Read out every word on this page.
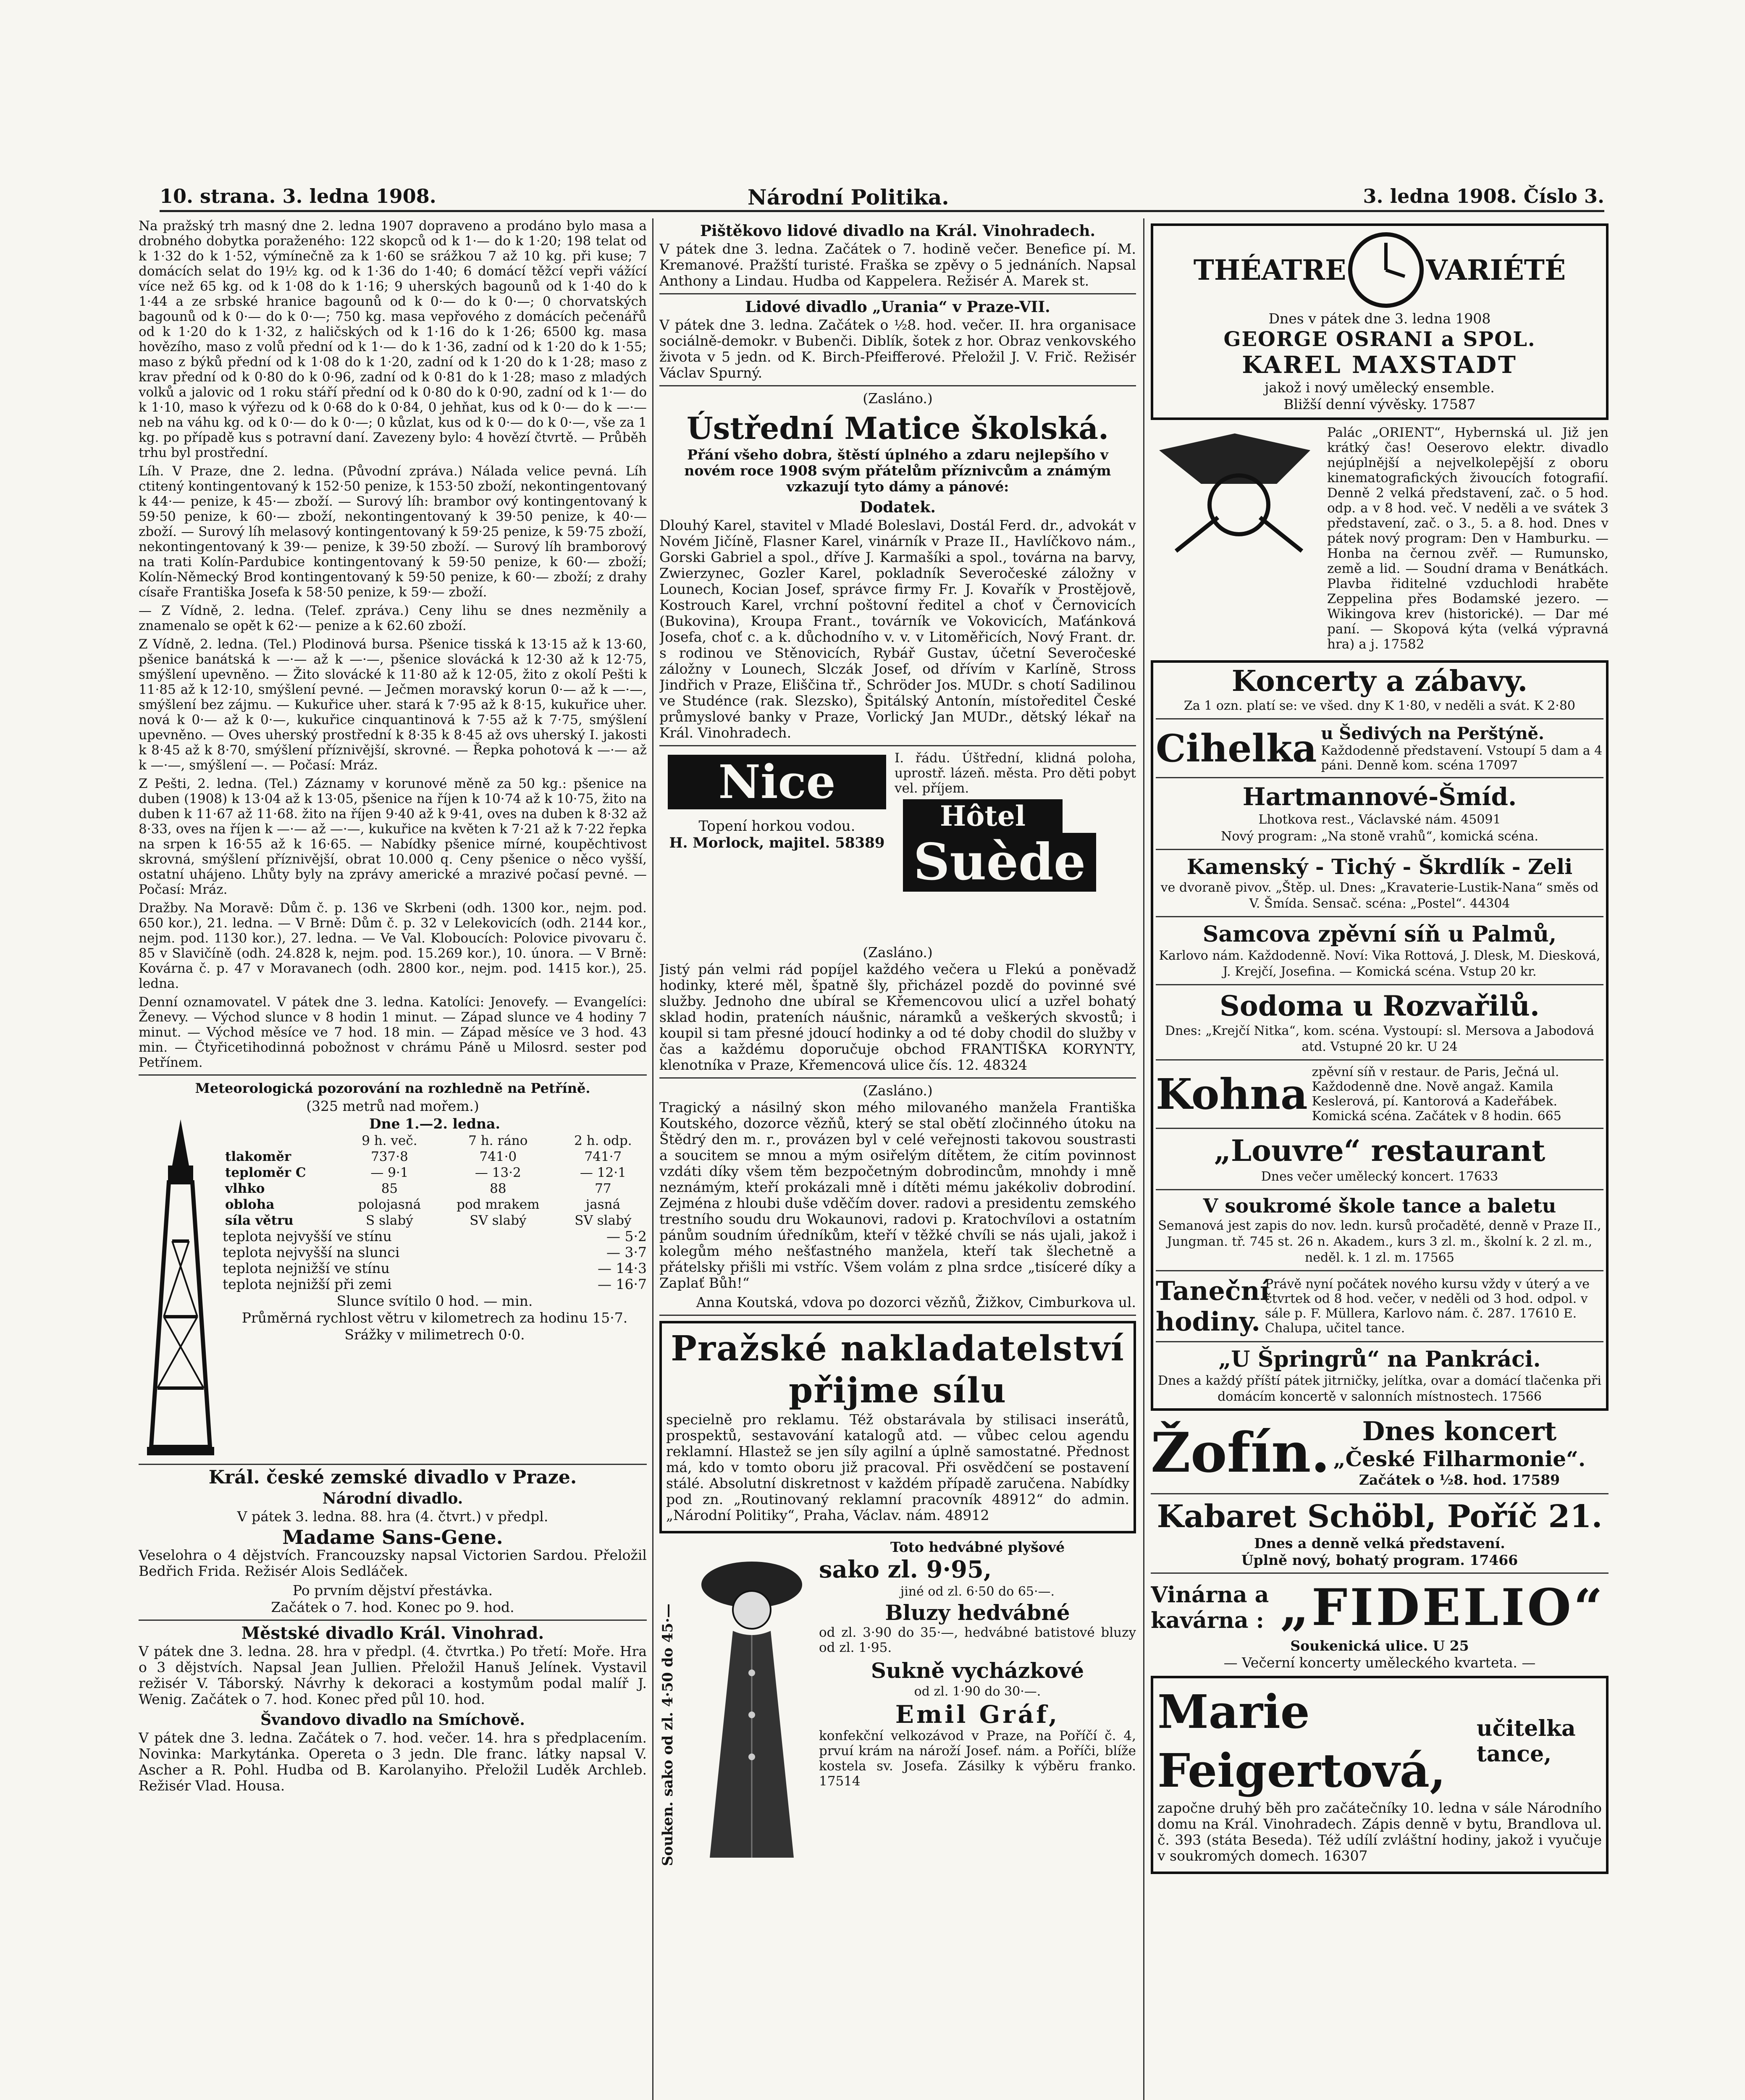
10. strana. 3. ledna 1908.	Národní Politika.	3. ledna 1908. Číslo 3.

Na pražský trh masný dne 2. ledna 1907 dopraveno a prodáno bylo masa a drobného dobytka poraženého: 122 skopců od k 1·— do k 1·20; 198 telat od k 1·32 do k 1·52, výmínečně za k 1·60 se srážkou 7 až 10 kg. při kuse; 7 domácích selat do 19½ kg. od k 1·36 do 1·40; 6 domácí těžcí vepři vážící více než 65 kg. od k 1·08 do k 1·16; 9 uherských bagounů od k 1·40 do k 1·44 a ze srbské hranice bagounů od k 0·— do k 0·—; 0 chorvatských bagounů od k 0·— do k 0·—; 750 kg. masa vepřového z domácích pečenářů od k 1·20 do k 1·32, z haličských od k 1·16 do k 1·26; 6500 kg. masa hovězího, maso z volů přední od k 1·— do k 1·36, zadní od k 1·20 do k 1·55; maso z býků přední od k 1·08 do k 1·20, zadní od k 1·20 do k 1·28; maso z krav přední od k 0·80 do k 0·96, zadní od k 0·81 do k 1·28; maso z mladých volků a jalovic od 1 roku stáří přední od k 0·80 do k 0·90, zadní od k 1·— do k 1·10, maso k výřezu od k 0·68 do k 0·84, 0 jehňat, kus od k 0·— do k —·— neb na váhu kg. od k 0·— do k 0·—; 0 kůzlat, kus od k 0·— do k 0·—, vše za 1 kg. po případě kus s potravní daní. Zavezeny bylo: 4 hovězí čtvrtě. — Průběh trhu byl prostřední.

Líh. V Praze, dne 2. ledna. (Původní zpráva.) Nálada velice pevná. Líh ctitený kontingentovaný k 152·50 penize, k 153·50 zboží, nekontingentovaný k 44·— penize, k 45·— zboží. — Surový líh: brambor ový kontingentovaný k 59·50 penize, k 60·— zboží, nekontingentovaný k 39·50 penize, k 40·— zboží. — Surový líh melasový kontingentovaný k 59·25 penize, k 59·75 zboží, nekontingentovaný k 39·— penize, k 39·50 zboží. — Surový líh bramborový na trati Kolín-Pardubice kontingentovaný k 59·50 penize, k 60·— zboží; Kolín-Německý Brod kontingentovaný k 59·50 penize, k 60·— zboží; z drahy císaře Františka Josefa k 58·50 penize, k 59·— zboží.

— Z Vídně, 2. ledna. (Telef. zpráva.) Ceny lihu se dnes nezměnily a znamenalo se opět k 62·— penize a k 62.60 zboží.

Z Vídně, 2. ledna. (Tel.) Plodinová bursa. Pšenice tisská k 13·15 až k 13·60, pšenice banátská k —·— až k —·—, pšenice slovácká k 12·30 až k 12·75, smýšlení upevněno. — Žito slovácké k 11·80 až k 12·05, žito z okolí Pešti k 11·85 až k 12·10, smýšlení pevné. — Ječmen moravský korun 0·— až k —·—, smýšlení bez zájmu. — Kukuřice uher. stará k 7·95 až k 8·15, kukuřice uher. nová k 0·— až k 0·—, kukuřice cinquantinová k 7·55 až k 7·75, smýšlení upevněno. — Oves uherský prostřední k 8·35 k 8·45 až ovs uherský I. jakosti k 8·45 až k 8·70, smýšlení příznivější, skrovné. — Řepka pohotová k —·— až k —·—, smýšlení —. — Počasí: Mráz.

Z Pešti, 2. ledna. (Tel.) Záznamy v korunové měně za 50 kg.: pšenice na duben (1908) k 13·04 až k 13·05, pšenice na říjen k 10·74 až k 10·75, žito na duben k 11·67 až 11·68. žito na říjen 9·40 až k 9·41, oves na duben k 8·32 až 8·33, oves na říjen k —·— až —·—, kukuřice na květen k 7·21 až k 7·22 řepka na srpen k 16·55 až k 16·65. — Nabídky pšenice mírné, koupěchtivost skrovná, smýšlení příznivější, obrat 10.000 q. Ceny pšenice o něco vyšší, ostatní uhájeno. Lhůty byly na zprávy americké a mrazivé počasí pevné. — Počasí: Mráz.

Dražby. Na Moravě: Dům č. p. 136 ve Skrbeni (odh. 1300 kor., nejm. pod. 650 kor.), 21. ledna. — V Brně: Dům č. p. 32 v Lelekovicích (odh. 2144 kor., nejm. pod. 1130 kor.), 27. ledna. — Ve Val. Kloboucích: Polovice pivovaru č. 85 v Slavičíně (odh. 24.828 k, nejm. pod. 15.269 kor.), 10. února. — V Brně: Kovárna č. p. 47 v Moravanech (odh. 2800 kor., nejm. pod. 1415 kor.), 25. ledna.

Denní oznamovatel. V pátek dne 3. ledna. Katolíci: Jenovefy. — Evangelíci: Ženevy. — Východ slunce v 8 hodin 1 minut. — Západ slunce ve 4 hodiny 7 minut. — Východ měsíce ve 7 hod. 18 min. — Západ měsíce ve 3 hod. 43 min. — Čtyřicetihodinná pobožnost v chrámu Páně u Milosrd. sester pod Petřínem.

Meteorologická pozorování na rozhledně na Petříně.
(325 metrů nad mořem.)
Dne 1.—2. ledna.
	9 h. več.	7 h. ráno	2 h. odp.
tlakoměr	737·8	741·0	741·7
teploměr C	— 9·1	— 13·2	— 12·1
vlhko	85	88	77
obloha	polojasná	pod mrakem	jasná
síla větru	S slabý	SV slabý	SV slabý
teplota nejvyšší ve stínu	— 5·2
teplota nejvyšší na slunci	— 3·7
teplota nejnižší ve stínu	— 14·3
teplota nejnižší při zemi	— 16·7
Slunce svítilo 0 hod. — min.
Průměrná rychlost větru v kilometrech za hodinu 15·7.
Srážky v milimetrech 0·0.
Král. české zemské divadlo v Praze.
Národní divadlo.
V pátek 3. ledna. 88. hra (4. čtvrt.) v předpl.
Madame Sans-Gene.

Veselohra o 4 dějstvích. Francouzsky napsal Victorien Sardou. Přeložil Bedřich Frida. Režisér Alois Sedláček.

Po prvním dějství přestávka.
Začátek o 7. hod. Konec po 9. hod.
Městské divadlo Král. Vinohrad.

V pátek dne 3. ledna. 28. hra v předpl. (4. čtvrtka.) Po třetí: Moře. Hra o 3 dějstvích. Napsal Jean Jullien. Přeložil Hanuš Jelínek. Vystavil režisér V. Táborský. Návrhy k dekoraci a kostymům podal malíř J. Wenig. Začátek o 7. hod. Konec před půl 10. hod.

Švandovo divadlo na Smíchově.

V pátek dne 3. ledna. Začátek o 7. hod. večer. 14. hra s předplacením. Novinka: Markytánka. Opereta o 3 jedn. Dle franc. látky napsal V. Ascher a R. Pohl. Hudba od B. Karolanyiho. Přeložil Luděk Archleb. Režisér Vlad. Housa.

Pištěkovo lidové divadlo na Král. Vinohradech.

V pátek dne 3. ledna. Začátek o 7. hodině večer. Benefice pí. M. Kremanové. Pražští turisté. Fraška se zpěvy o 5 jednáních. Napsal Anthony a Lindau. Hudba od Kappelera. Režisér A. Marek st.

Lidové divadlo „Urania“ v Praze-VII.

V pátek dne 3. ledna. Začátek o ½8. hod. večer. II. hra organisace sociálně-demokr. v Bubenči. Diblík, šotek z hor. Obraz venkovského života v 5 jedn. od K. Birch-Pfeifferové. Přeložil J. V. Frič. Režisér Václav Spurný.

(Zasláno.)
Ústřední Matice školská.

Přání všeho dobra, štěstí úplného a zdaru nejlepšího v novém roce 1908 svým přátelům příznivcům a známým vzkazují tyto dámy a pánové:

Dodatek.

Dlouhý Karel, stavitel v Mladé Boleslavi, Dostál Ferd. dr., advokát v Novém Jičíně, Flasner Karel, vinárník v Praze II., Havlíčkovo nám., Gorski Gabriel a spol., dříve J. Karmašíki a spol., továrna na barvy, Zwierzynec, Gozler Karel, pokladník Severočeské záložny v Lounech, Kocian Josef, správce firmy Fr. J. Kovařík v Prostějově, Kostrouch Karel, vrchní poštovní ředitel a choť v Černovicích (Bukovina), Kroupa Frant., továrník ve Vokovicích, Maťánková Josefa, choť c. a k. důchodního v. v. v Litoměřicích, Nový Frant. dr. s rodinou ve Stěnovicích, Rybář Gustav, účetní Severočeské záložny v Lounech, Slczák Josef, od dřívím v Karlíně, Stross Jindřich v Praze, Eliščina tř., Schröder Jos. MUDr. s chotí Sadilinou ve Studénce (rak. Slezsko), Špitálský Antonín, místoředitel České průmyslové banky v Praze, Vorlický Jan MUDr., dětský lékař na Král. Vinohradech.

Nice
Topení horkou vodou.
H. Morlock, majitel. 58389

I. řádu. Úštřední, klidná poloha, uprostř. lázeň. města. Pro děti pobyt vel. příjem.

Hôtel
Suède
(Zasláno.)

Jistý pán velmi rád popíjel každého večera u Flekú a poněvadž hodinky, které měl, špatně šly, přicházel pozdě do povinné své služby. Jednoho dne ubíral se Křemencovou ulicí a uzřel bohatý sklad hodin, prateních náušnic, náramků a veškerých skvostů; i koupil si tam přesné jdoucí hodinky a od té doby chodil do služby v čas a každému doporučuje obchod FRANTIŠKA KORYNTY, klenotníka v Praze, Křemencová ulice čís. 12. 48324

(Zasláno.)

Tragický a násilný skon mého milovaného manžela Františka Koutského, dozorce vězňů, který se stal obětí zločinného útoku na Štědrý den m. r., provázen byl v celé veřejnosti takovou soustrasti a soucitem se mnou a mým osiřelým dítětem, že citím povinnost vzdáti díky všem těm bezpočetným dobrodincům, mnohdy i mně neznámým, kteří prokázali mně i dítěti mému jakékoliv dobrodiní. Zejména z hloubi duše vděčím dover. radovi a presidentu zemského trestního soudu dru Wokaunovi, radovi p. Kratochvílovi a ostatním pánům soudním úředníkům, kteří v těžké chvíli se nás ujali, jakož i kolegům mého nešťastného manžela, kteří tak šlechetně a přátelsky přišli mi vstříc. Všem volám z plna srdce „tisíceré díky a Zaplať Bůh!“

Anna Koutská, vdova po dozorci vězňů, Žižkov, Cimburkova ul.
Pražské nakladatelství
přijme sílu

specielně pro reklamu. Též obstarávala by stilisaci inserátů, prospektů, sestavování katalogů atd. — vůbec celou agendu reklamní. Hlastež se jen síly agilní a úplně samostatné. Přednost má, kdo v tomto oboru již pracoval. Při osvědčení se postavení stálé. Absolutní diskretnost v každém případě zaručena. Nabídky pod zn. „Routinovaný reklamní pracovník 48912“ do admin. „Národní Politiky“, Praha, Václav. nám. 48912

Souken. sako od zl. 4·50 do 45·—
Toto hedvábné plyšové
sako zl. 9·95,
jiné od zl. 6·50 do 65·—.
Bluzy hedvábné

od zl. 3·90 do 35·—, hedvábné batistové bluzy od zl. 1·95.

Sukně vycházkové
od zl. 1·90 do 30·—.
Emil Gráf,

konfekční velkozávod v Praze, na Poříčí č. 4, prvuí krám na nároží Josef. nám. a Poříči, blíže kostela sv. Josefa. Zásilky k výběru franko. 17514

THÉATRE	VARIÉTÉ
Dnes v pátek dne 3. ledna 1908
GEORGE OSRANI a SPOL.
KAREL MAXSTADT
jakož i nový umělecký ensemble.
Bližší denní vývěsky. 17587

Palác „ORIENT“, Hybernská ul. Již jen krátký čas! Oeserovo elektr. divadlo nejúplnější a nejvelkolepější z oboru kinematografických živoucích fotografií. Denně 2 velká představení, zač. o 5 hod. odp. a v 8 hod. več. V neděli a ve svátek 3 představení, zač. o 3., 5. a 8. hod. Dnes v pátek nový program: Den v Hamburku. — Honba na černou zvěř. — Rumunsko, země a lid. — Soudní drama v Benátkách. Plavba řiditelné vzduchlodi hraběte Zeppelina přes Bodamské jezero. — Wikingova krev (historické). — Dar mé paní. — Skopová kýta (velká výpravná hra) a j. 17582

Koncerty a zábavy.
Za 1 ozn. platí se: ve všed. dny K 1·80, v neděli a svát. K 2·80
Cihelka u Šedivých na Perštýně.
Každodenně představení. Vstoupí 5 dam a 4 páni. Denně kom. scéna 17097
Hartmannové-Šmíd.
Lhotkova rest., Václavské nám. 45091
Nový program: „Na stoně vrahů“, komická scéna.
Kamenský - Tichý - Škrdlík - Zeli
ve dvoraně pivov. „Štěp. ul. Dnes: „Kravaterie-Lustik-Nana“ směs od V. Šmída. Sensač. scéna: „Postel“. 44304
Samcova zpěvní síň u Palmů,
Karlovo nám. Každodenně. Noví: Vika Rottová, J. Dlesk, M. Diesková, J. Krejčí, Josefina. — Komická scéna. Vstup 20 kr.
Sodoma u Rozvařilů.
Dnes: „Krejčí Nitka“, kom. scéna. Vystoupí: sl. Mersova a Jabodová atd. Vstupné 20 kr. U 24
Kohna zpěvní síň v restaur. de Paris, Ječná ul. Každodenně dne. Nově angaž. Kamila Keslerová, pí. Kantorová a Kadeřábek. Komická scéna. Začátek v 8 hodin. 665
„Louvre“ restaurant
Dnes večer umělecký koncert. 17633
V soukromé škole tance a baletu
Semanová jest zapis do nov. ledn. kursů pročaděté, denně v Praze II., Jungman. tř. 745 st. 26 n. Akadem., kurs 3 zl. m., školní k. 2 zl. m., neděl. k. 1 zl. m. 17565
Taneční hodiny.
Právě nyní počátek nového kursu vždy v úterý a ve čtvrtek od 8 hod. večer, v neděli od 3 hod. odpol. v sále p. F. Müllera, Karlovo nám. č. 287. 17610 E. Chalupa, učitel tance.
„U Špringrů“ na Pankráci.
Dnes a každý příští pátek jitrničky, jelítka, ovar a domácí tlačenka při domácím koncertě v salonních místnostech. 17566
Žofín.	Dnes koncert
„České Filharmonie“.
Začátek o ½8. hod. 17589
Kabaret Schöbl, Poříč 21.
Dnes a denně velká představení.
Úplně nový, bohatý program. 17466
Vinárna a
kavárna : „FIDELIO“
Soukenická ulice. U 25
— Večerní koncerty uměleckého kvarteta. —
Marie Feigertová,
učitelka tance,

započne druhý běh pro začátečníky 10. ledna v sále Národního domu na Král. Vinohradech. Zápis denně v bytu, Brandlova ul. č. 393 (státa Beseda). Též udílí zvláštní hodiny, jakož i vyučuje v soukromých domech. 16307
